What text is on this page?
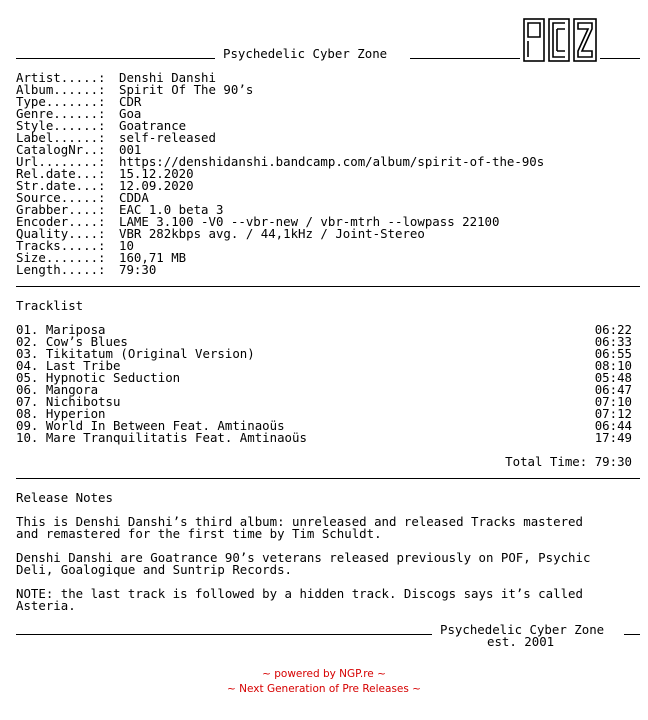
Psychedelic Cyber Zone
Artist.....: Denshi Danshi
Album......: Spirit Of The 90’s
Type.......: CDR
Genre......: Goa
Style......: Goatrance
Label......: self-released
CatalogNr..: 001
Url........: https://denshidanshi.bandcamp.com/album/spirit-of-the-90s
Rel.date...: 15.12.2020
Str.date...: 12.09.2020
Source.....: CDDA
Grabber....: EAC 1.0 beta 3
Encoder....: LAME 3.100 -V0 --vbr-new / vbr-mtrh --lowpass 22100
Quality....: VBR 282kbps avg. / 44,1kHz / Joint-Stereo
Tracks.....: 10
Size.......: 160,71 MB
Length.....: 79:30
Tracklist
01. Mariposa	06:22
02. Cow’s Blues	06:33
03. Tikitatum (Original Version)	06:55
04. Last Tribe	08:10
05. Hypnotic Seduction	05:48
06. Mangora	06:47
07. Nichibotsu	07:10
08. Hyperion	07:12
09. World In Between Feat. Amtinaoüs	06:44
10. Mare Tranquilitatis Feat. Amtinaoüs	17:49

Total Time: 79:30

Release Notes
This is Denshi Danshi’s third album: unreleased and released Tracks mastered
and remastered for the first time by Tim Schuldt.
Denshi Danshi are Goatrance 90’s veterans released previously on POF, Psychic
Deli, Goalogique and Suntrip Records.
NOTE: the last track is followed by a hidden track. Discogs says it’s called
Asteria.
Psychedelic Cyber Zone
est. 2001
~ powered by NGP.re ~
~ Next Generation of Pre Releases ~
